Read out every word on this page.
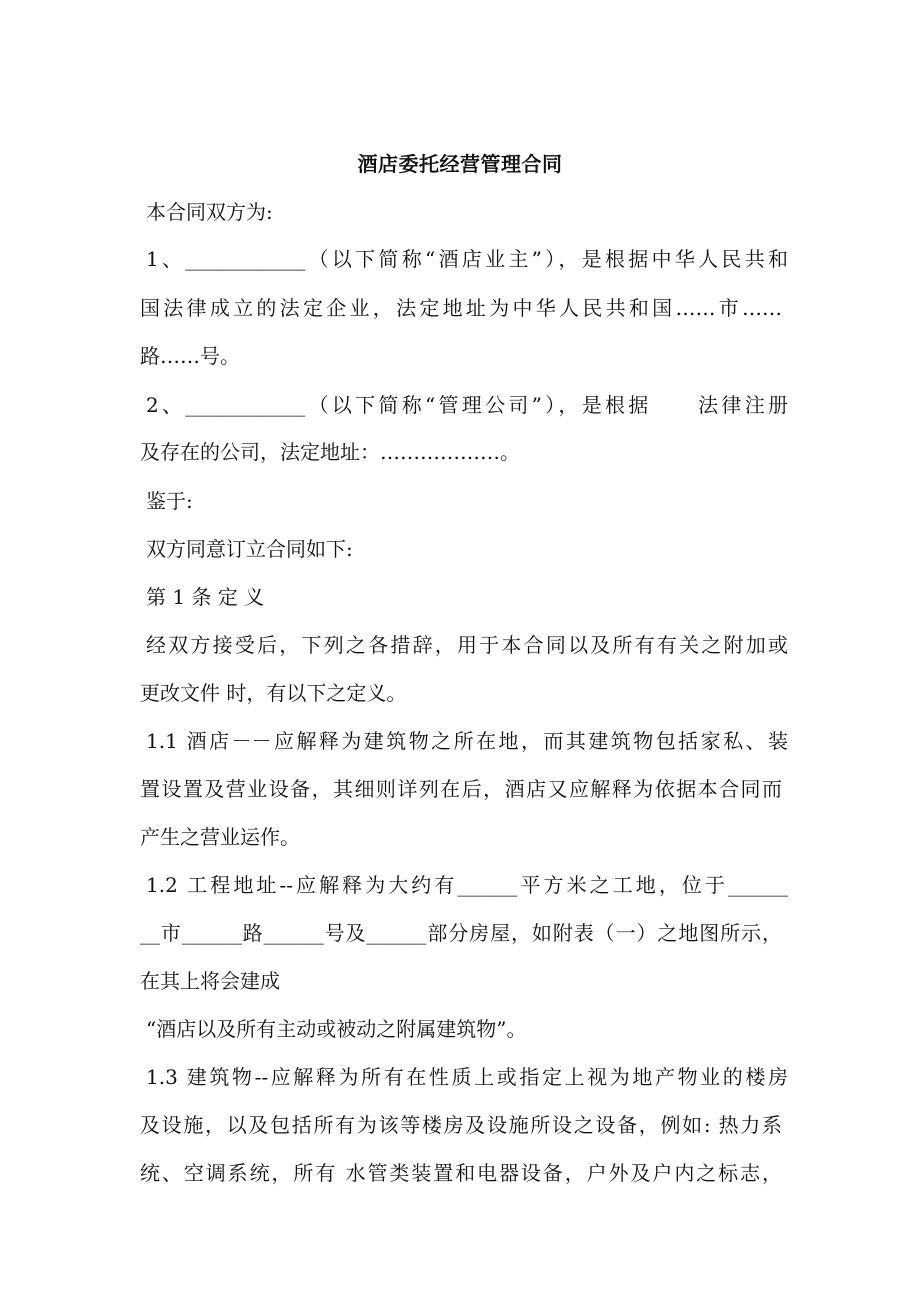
酒店委托经营管理合同
本合同双方为:
1、____________（以下简称“酒店业主”），是根据中华人民共和
国法律成立的法定企业，法定地址为中华人民共和国……市……
路……号。
2、____________（以下简称“管理公司”），是根据　　法律注册
及存在的公司，法定地址：………………。
鉴于:
双方同意订立合同如下:
第 1 条 定 义
经双方接受后，下列之各措辞，用于本合同以及所有有关之附加或
更改文件 时，有以下之定义。
1.1 酒店－－应解释为建筑物之所在地，而其建筑物包括家私、装
置设置及营业设备，其细则详列在后，酒店又应解释为依据本合同而
产生之营业运作。
1.2 工程地址--应解释为大约有______平方米之工地，位于______
__市______路______号及______部分房屋，如附表（一）之地图所示，
在其上将会建成
“酒店以及所有主动或被动之附属建筑物”。
1.3 建筑物--应解释为所有在性质上或指定上视为地产物业的楼房
及设施，以及包括所有为该等楼房及设施所设之设备，例如: 热力系
统、空调系统，所有 水管类装置和电器设备，户外及户内之标志，
